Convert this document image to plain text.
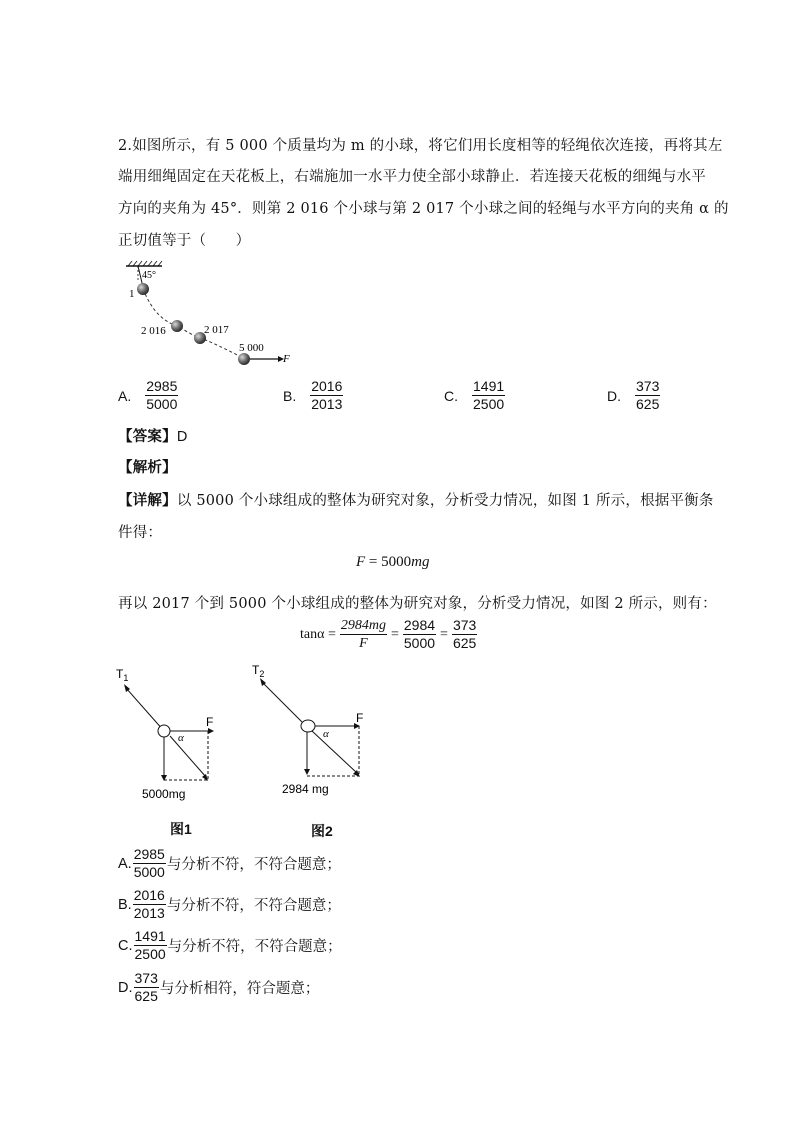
2.如图所示，有 5 000 个质量均为 m 的小球，将它们用长度相等的轻绳依次连接，再将其左
端用细绳固定在天花板上，右端施加一水平力使全部小球静止．若连接天花板的细绳与水平
方向的夹角为 45°．则第 2 016 个小球与第 2 017 个小球之间的轻绳与水平方向的夹角 α 的
正切值等于（　　）
45°
1
2 016	2 017
5 000
F
A. $\frac{2985}{5000}$	B. $\frac{2016}{2013}$	C. $\frac{1491}{2500}$	D. $\frac{373}{625}$
【答案】D
【解析】
【详解】以 5000 个小球组成的整体为研究对象，分析受力情况，如图 1 所示，根据平衡条
件得：
F = 5000mg
再以 2017 个到 5000 个小球组成的整体为研究对象，分析受力情况，如图 2 所示，则有：
$\tan\alpha = \frac{2984mg}{F} = \frac{2984}{5000} = \frac{373}{625}$
$T_1$
F
α
5000mg
图1
$T_2$
F
α
2984 mg
图2
A. $\frac{2985}{5000}$ 与分析不符，不符合题意；
B. $\frac{2016}{2013}$ 与分析不符，不符合题意；
C. $\frac{1491}{2500}$ 与分析不符，不符合题意；
D. $\frac{373}{625}$ 与分析相符，符合题意；
